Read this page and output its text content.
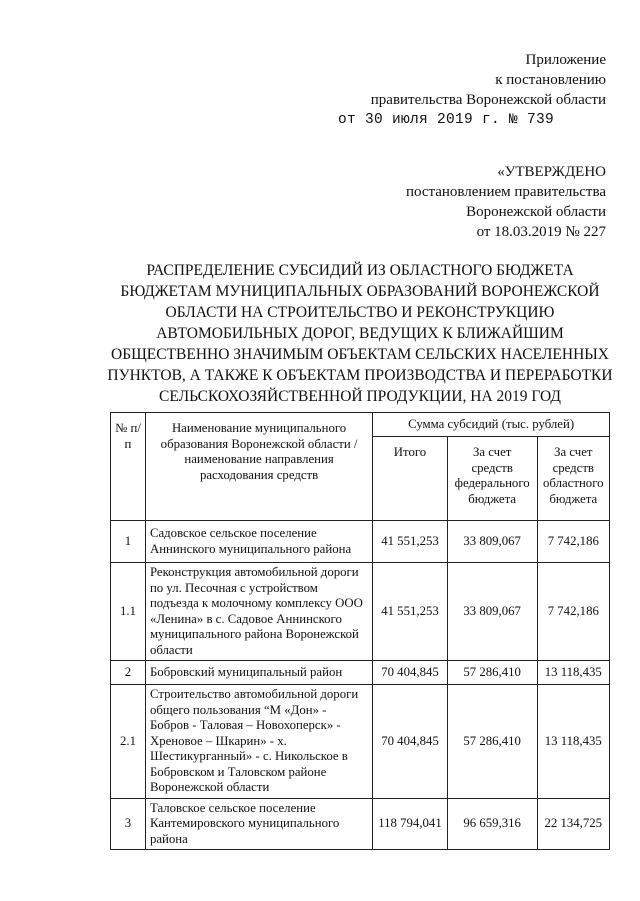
Приложение
к постановлению
правительства Воронежской области
от 30 июля 2019 г. № 739
«УТВЕРЖДЕНО
постановлением правительства
Воронежской области
от 18.03.2019 № 227
РАСПРЕДЕЛЕНИЕ СУБСИДИЙ ИЗ ОБЛАСТНОГО БЮДЖЕТА
БЮДЖЕТАМ МУНИЦИПАЛЬНЫХ ОБРАЗОВАНИЙ ВОРОНЕЖСКОЙ
ОБЛАСТИ НА СТРОИТЕЛЬСТВО И РЕКОНСТРУКЦИЮ
АВТОМОБИЛЬНЫХ ДОРОГ, ВЕДУЩИХ К БЛИЖАЙШИМ
ОБЩЕСТВЕННО ЗНАЧИМЫМ ОБЪЕКТАМ СЕЛЬСКИХ НАСЕЛЕННЫХ
ПУНКТОВ, А ТАКЖЕ К ОБЪЕКТАМ ПРОИЗВОДСТВА И ПЕРЕРАБОТКИ
СЕЛЬСКОХОЗЯЙСТВЕННОЙ ПРОДУКЦИИ, НА 2019 ГОД
№ п/п	Наименование муниципального образования Воронежской области / наименование направления расходования средств	Сумма субсидий (тыс. рублей)		
		Итого	За счет средств федерального бюджета	За счет средств областного бюджета
1	Садовское сельское поселение Аннинского муниципального района	41 551,253	33 809,067	7 742,186
1.1	Реконструкция автомобильной дороги по ул. Песочная с устройством подъезда к молочному комплексу ООО «Ленина» в с. Садовое Аннинского муниципального района Воронежской области	41 551,253	33 809,067	7 742,186
2	Бобровский муниципальный район	70 404,845	57 286,410	13 118,435
2.1	Строительство автомобильной дороги общего пользования “М «Дон» - Бобров - Таловая – Новохоперск» - Хреновое – Шкарин» - х. Шестикурганный» - с. Никольское в Бобровском и Таловском районе Воронежской области	70 404,845	57 286,410	13 118,435
3	Таловское сельское поселение Кантемировского муниципального района	118 794,041	96 659,316	22 134,725
